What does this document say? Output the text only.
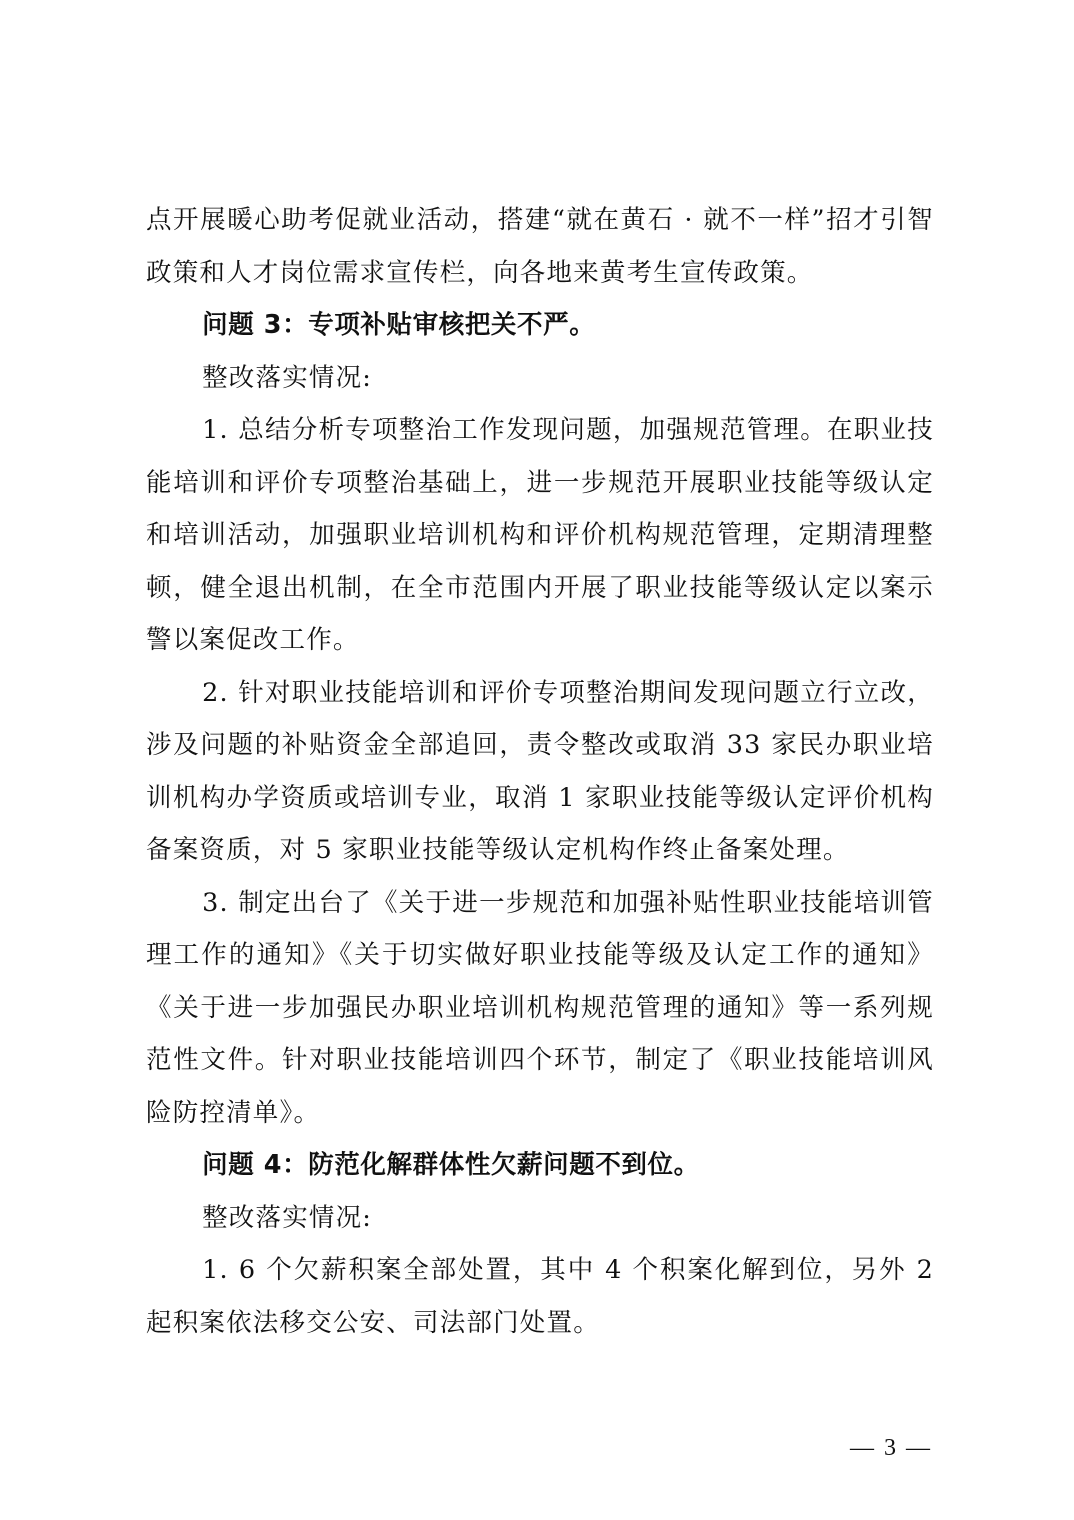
点开展暖心助考促就业活动，搭建“就在黄石 · 就不一样”招才引智政策和人才岗位需求宣传栏，向各地来黄考生宣传政策。

问题 3：专项补贴审核把关不严。

整改落实情况:

1. 总结分析专项整治工作发现问题，加强规范管理。在职业技能培训和评价专项整治基础上，进一步规范开展职业技能等级认定和培训活动，加强职业培训机构和评价机构规范管理，定期清理整顿，健全退出机制，在全市范围内开展了职业技能等级认定以案示警以案促改工作。

2. 针对职业技能培训和评价专项整治期间发现问题立行立改，涉及问题的补贴资金全部追回，责令整改或取消 33 家民办职业培训机构办学资质或培训专业，取消 1 家职业技能等级认定评价机构备案资质，对 5 家职业技能等级认定机构作终止备案处理。

3. 制定出台了《关于进一步规范和加强补贴性职业技能培训管理工作的通知》《关于切实做好职业技能等级及认定工作的通知》《关于进一步加强民办职业培训机构规范管理的通知》等一系列规范性文件。针对职业技能培训四个环节，制定了《职业技能培训风险防控清单》。

问题 4：防范化解群体性欠薪问题不到位。

整改落实情况:

1. 6 个欠薪积案全部处置，其中 4 个积案化解到位，另外 2 起积案依法移交公安、司法部门处置。

— 3 —
